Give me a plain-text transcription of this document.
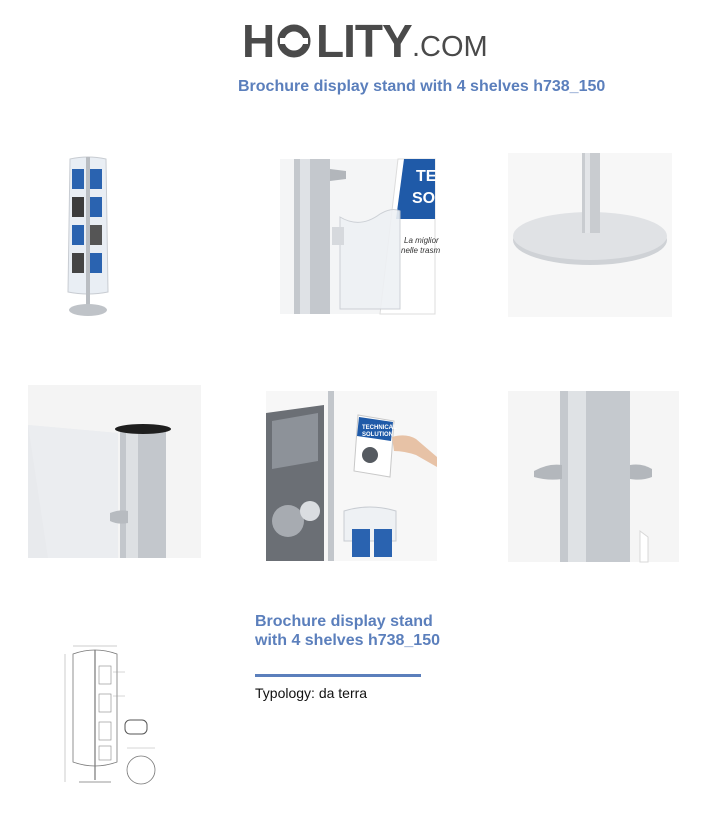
H LITY .COM
Brochure display stand with 4 shelves h738_150
TE
SO
La miglior
nelle trasm
TECHNICAL
SOLUTION
Brochure display stand with 4 shelves h738_150
Typology: da terra
